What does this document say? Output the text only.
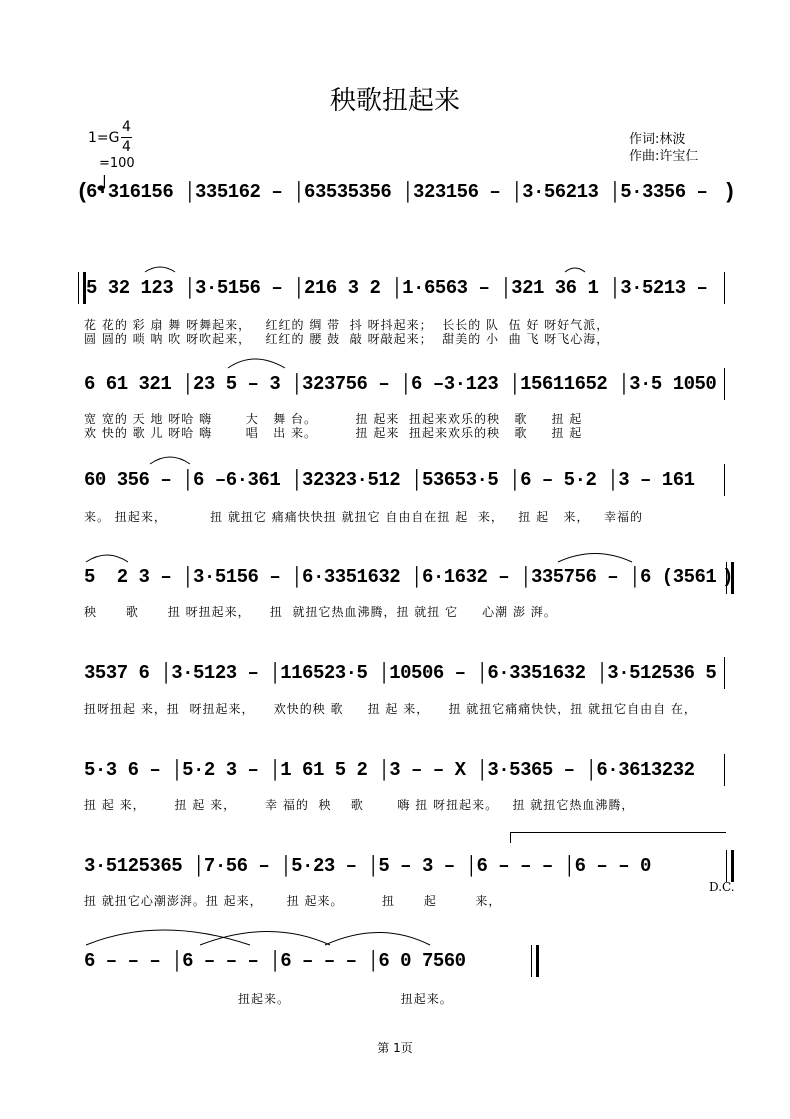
秧歌扭起来
1=G
4
4

=100
作词:林波
作曲:许宝仁
(
6·316156 │335162 – │63535356 │323156 – │3·56213 │5·3356 – )
5 32 123 │3·5156 – │216 3 2 │1·6563 – │321 36 1 │3·5213 –
花 花的 彩 扇 舞 呀舞起来，   红红的 绸 带  抖 呀抖起来；  长长的 队  伍 好 呀好气派，
圆 圆的 唢 呐 吹 呀吹起来，   红红的 腰 鼓  敲 呀敲起来；  甜美的 小  曲 飞 呀飞心海，
6 61 321 │23 5 – 3 │323756 – │6 –3·123 │15611652 │3·5 1050
宽 宽的 天 地 呀哈 嗨       大   舞 台。        扭 起来  扭起来欢乐的秧   歌     扭 起
欢 快的 歌 儿 呀哈 嗨       唱   出 来。        扭 起来  扭起来欢乐的秧   歌     扭 起
60 356 – │6 –6·361 │32323·512 │53653·5 │6 – 5·2 │3 – 161
来。 扭起来，         扭 就扭它 痛痛快快扭 就扭它 自由自在扭 起  来，   扭 起   来，   幸福的
5  2 3 – │3·5156 – │6·3351632 │6·1632 – │335756 – │6 (3561 )
秧      歌      扭 呀扭起来，    扭  就扭它热血沸腾，扭 就扭 它     心潮 澎 湃。
3537 6 │3·5123 – │116523·5 │10506 – │6·3351632 │3·512536 5
扭呀扭起 来，扭  呀扭起来，    欢快的秧 歌     扭 起 来，    扭 就扭它痛痛快快，扭 就扭它自由自 在，
5·3 6 – │5·2 3 – │1 61 5 2 │3 – – X │3·5365 – │6·3613232
扭 起 来，      扭 起 来，      幸 福的  秧    歌       嗨 扭 呀扭起来。   扭 就扭它热血沸腾，
3·5125365 │7·56 – │5·23 – │5 – 3 – │6 – – – │6 – – 0
D.C.
扭 就扭它心潮澎湃。扭 起来，     扭 起来。        扭      起        来，
6 – – – │6 – – – │6 – – – │6 0 7560
扭起来。                       扭起来。
第 1页
